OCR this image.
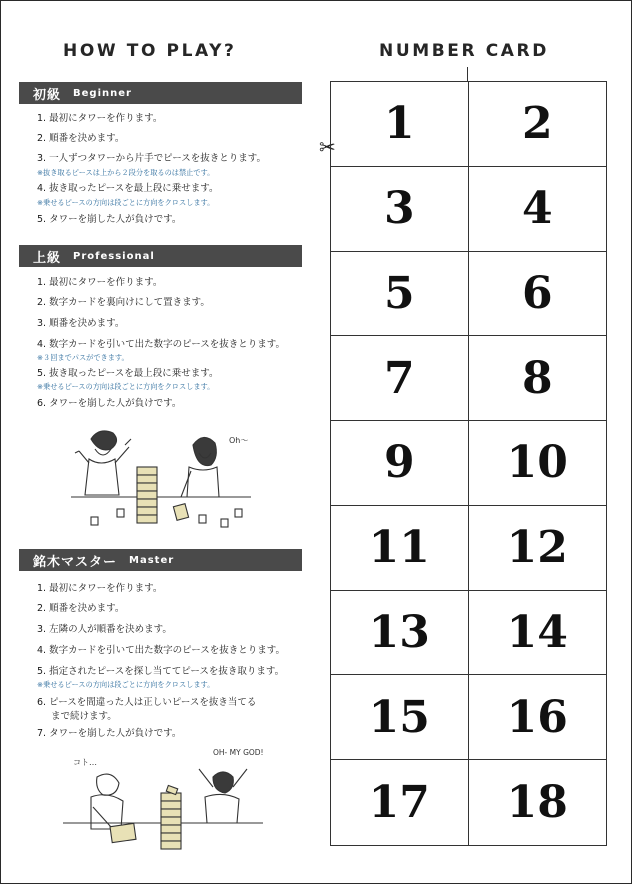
HOW TO PLAY?	NUMBER CARD
初級	Beginner
1. 最初にタワーを作ります。
2. 順番を決めます。
3. 一人ずつタワーから片手でピースを抜きとります。
※抜き取るピースは上から２段分を取るのは禁止です。
4. 抜き取ったピースを最上段に乗せます。
※乗せるピースの方向は段ごとに方向をクロスします。
5. タワーを崩した人が負けです。
上級	Professional
1. 最初にタワーを作ります。
2. 数字カードを裏向けにして置きます。
3. 順番を決めます。
4. 数字カードを引いて出た数字のピースを抜きとります。
※３回までパスができます。
5. 抜き取ったピースを最上段に乗せます。
※乗せるピースの方向は段ごとに方向をクロスします。
6. タワーを崩した人が負けです。
Oh〜
銘木マスター	Master
1. 最初にタワーを作ります。
2. 順番を決めます。
3. 左隣の人が順番を決めます。
4. 数字カードを引いて出た数字のピースを抜きとります。
5. 指定されたピースを探し当ててピースを抜き取ります。
※乗せるピースの方向は段ごとに方向をクロスします。
6. ピースを間違った人は正しいピースを抜き当てる
まで続けます。
7. タワーを崩した人が負けです。
コト…
OH- MY GOD!
✂	1	2
3	4
5	6
7	8
9	10
11	12
13	14
15	16
17	18
